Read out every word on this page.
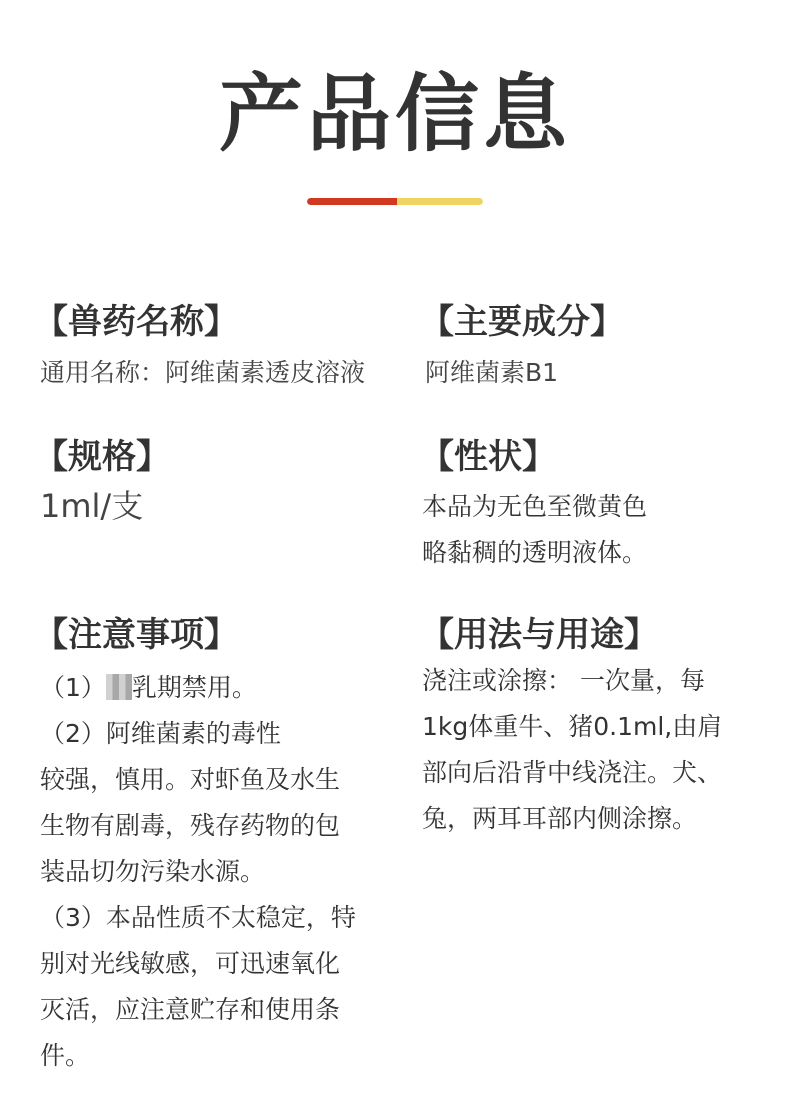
产品信息
【兽药名称】
通用名称：阿维菌素透皮溶液
【规格】
1ml/支
【注意事项】
（1） 乳期禁用。
（2）阿维菌素的毒性
较强，慎用。对虾鱼及水生
生物有剧毒，残存药物的包
装品切勿污染水源。
（3）本品性质不太稳定，特
别对光线敏感，可迅速氧化
灭活，应注意贮存和使用条
件。
【主要成分】
阿维菌素B1
【性状】
本品为无色至微黄色
略黏稠的透明液体。
【用法与用途】
浇注或涂擦： 一次量，每
1kg体重牛、猪0.1ml,由肩
部向后沿背中线浇注。犬、
兔，两耳耳部内侧涂擦。
